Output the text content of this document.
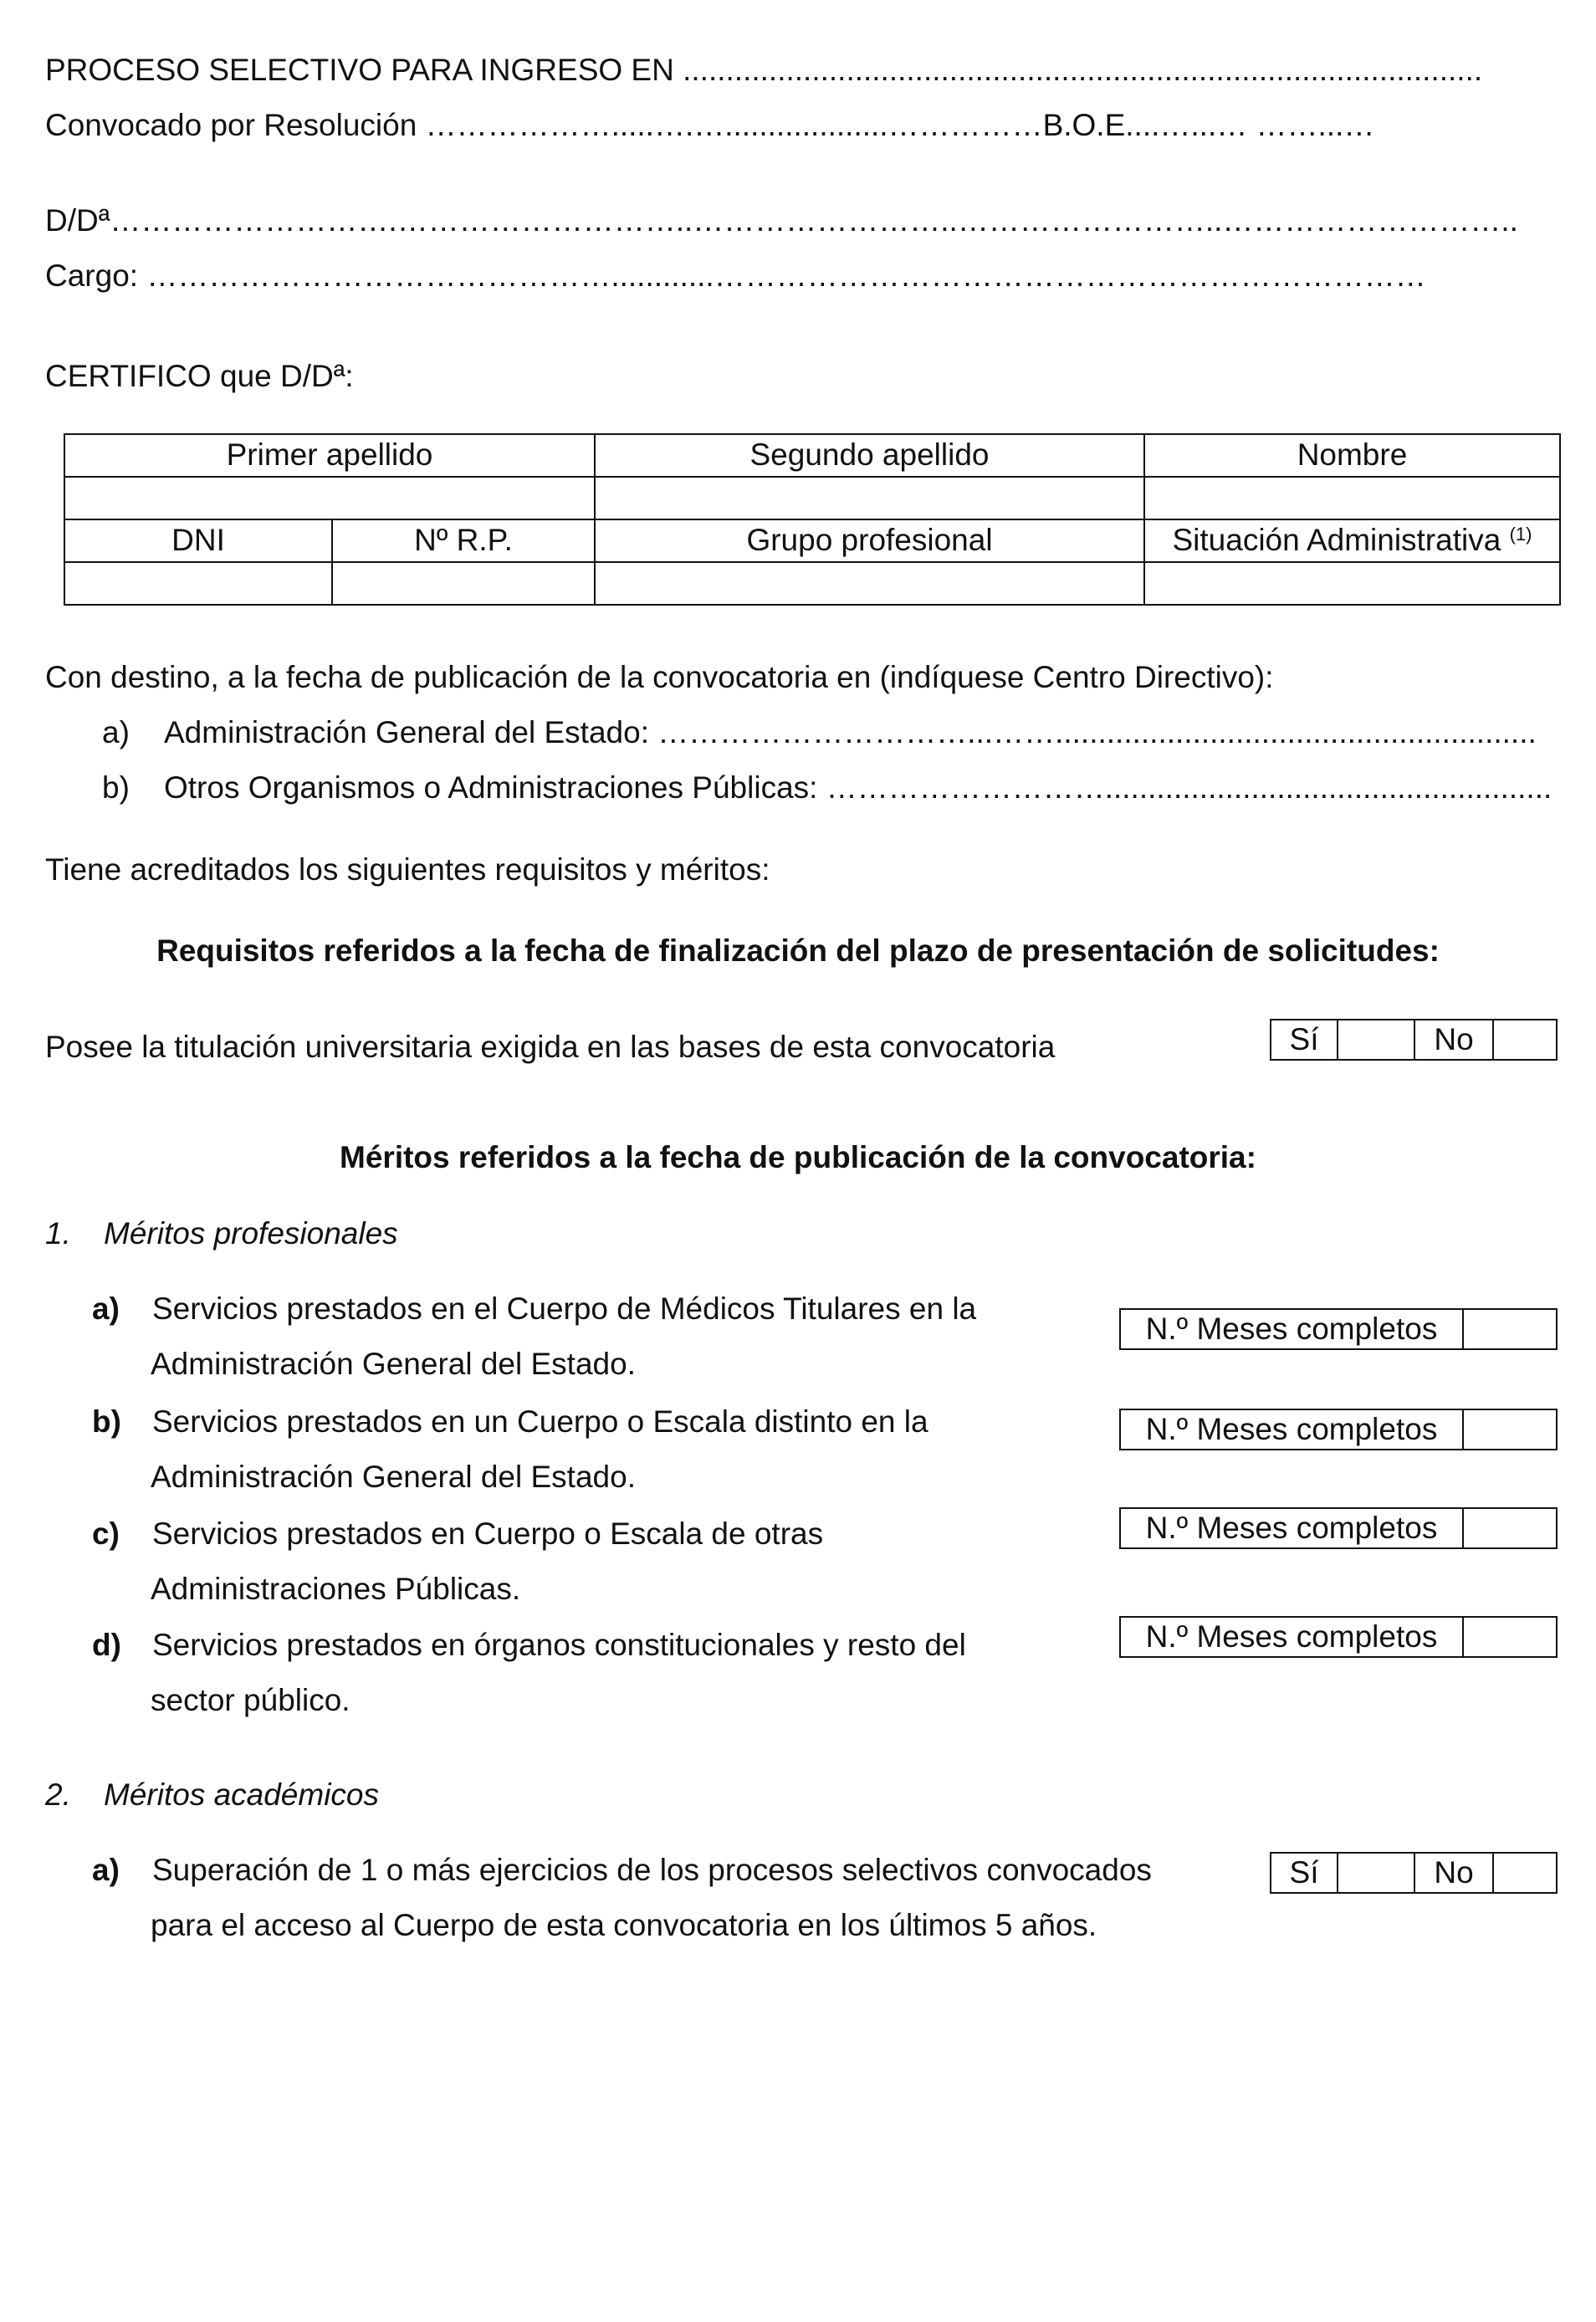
PROCESO SELECTIVO PARA INGRESO EN .............................................................................................
Convocado por Resolución ……………….....….…...................……………B.O.E....…...… ……...…
D/Dª……………………….………………………..……………………..……………………..………………………..
Cargo: ………………………………………............……………………………………………………………
CERTIFICO que D/Dª:
Primer apellido		Segundo apellido	Nombre

DNI	Nº R.P.	Grupo profesional	Situación Administrativa $^{(1)}$

Con destino, a la fecha de publicación de la convocatoria en (indíquese Centro Directivo):
a) Administración General del Estado: …………………………...……........................................................
b) Otros Organismos o Administraciones Públicas: ………………………....................................................
Tiene acreditados los siguientes requisitos y méritos:
Requisitos referidos a la fecha de finalización del plazo de presentación de solicitudes:
Posee la titulación universitaria exigida en las bases de esta convocatoria	Sí	No
Méritos referidos a la fecha de publicación de la convocatoria:
1. Méritos profesionales
a) Servicios prestados en el Cuerpo de Médicos Titulares en la
Administración General del Estado.
N.º Meses completos
b) Servicios prestados en un Cuerpo o Escala distinto en la
Administración General del Estado.
N.º Meses completos
c) Servicios prestados en Cuerpo o Escala de otras
Administraciones Públicas.
N.º Meses completos
d) Servicios prestados en órganos constitucionales y resto del
sector público.
N.º Meses completos
2. Méritos académicos
a) Superación de 1 o más ejercicios de los procesos selectivos convocados
para el acceso al Cuerpo de esta convocatoria en los últimos 5 años.
Sí	No
